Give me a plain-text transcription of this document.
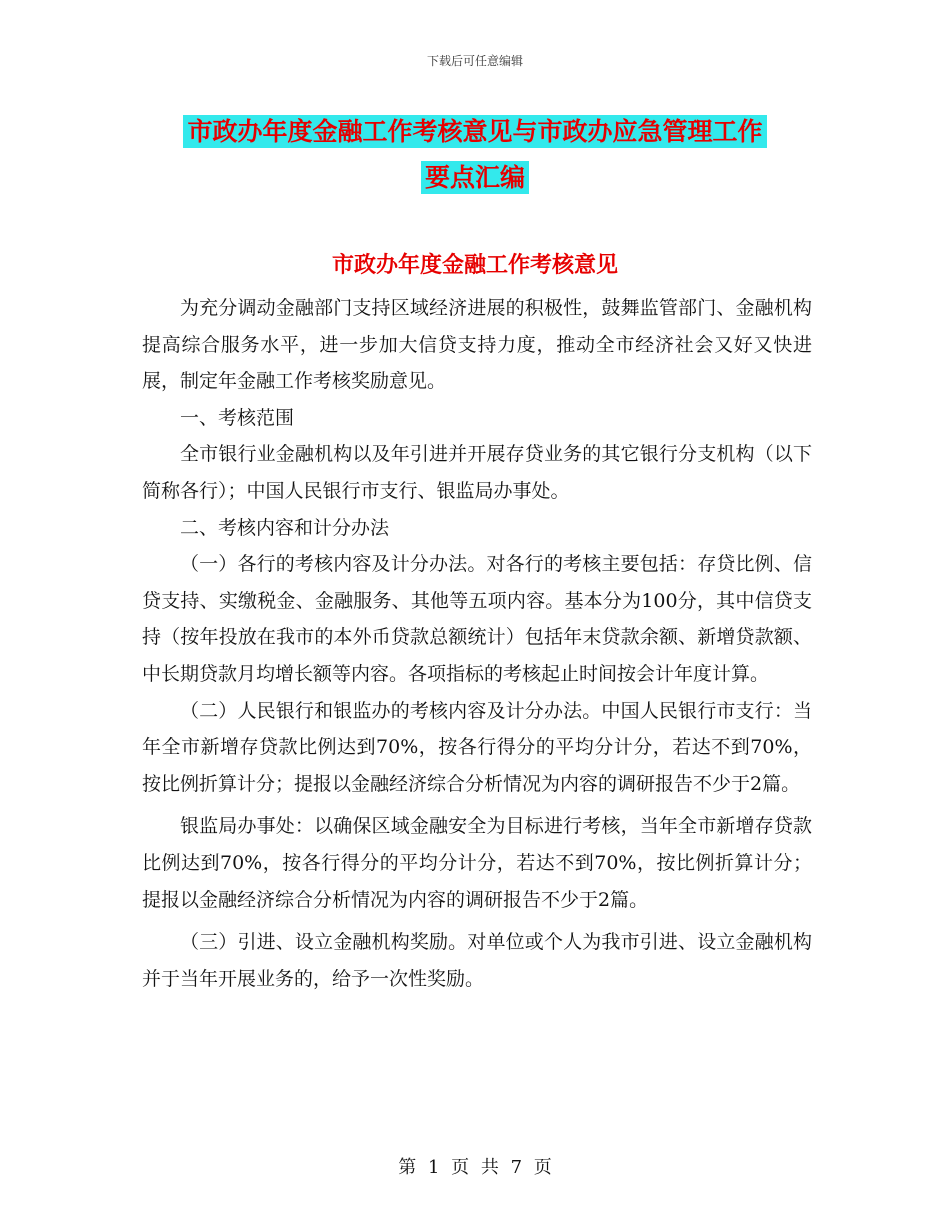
下载后可任意编辑
市政办年度金融工作考核意见与市政办应急管理工作
要点汇编
市政办年度金融工作考核意见

为充分调动金融部门支持区域经济进展的积极性，鼓舞监管部门、金融机构提高综合服务水平，进一步加大信贷支持力度，推动全市经济社会又好又快进展，制定年金融工作考核奖励意见。

一、考核范围

全市银行业金融机构以及年引进并开展存贷业务的其它银行分支机构（以下简称各行）；中国人民银行市支行、银监局办事处。

二、考核内容和计分办法

（一）各行的考核内容及计分办法。对各行的考核主要包括：存贷比例、信贷支持、实缴税金、金融服务、其他等五项内容。基本分为100分，其中信贷支持（按年投放在我市的本外币贷款总额统计）包括年末贷款余额、新增贷款额、中长期贷款月均增长额等内容。各项指标的考核起止时间按会计年度计算。

（二）人民银行和银监办的考核内容及计分办法。中国人民银行市支行：当年全市新增存贷款比例达到70%，按各行得分的平均分计分，若达不到70%，按比例折算计分；提报以金融经济综合分析情况为内容的调研报告不少于2篇。

银监局办事处：以确保区域金融安全为目标进行考核，当年全市新增存贷款比例达到70%，按各行得分的平均分计分，若达不到70%，按比例折算计分；提报以金融经济综合分析情况为内容的调研报告不少于2篇。

（三）引进、设立金融机构奖励。对单位或个人为我市引进、设立金融机构并于当年开展业务的，给予一次性奖励。

第 1 页 共 7 页
